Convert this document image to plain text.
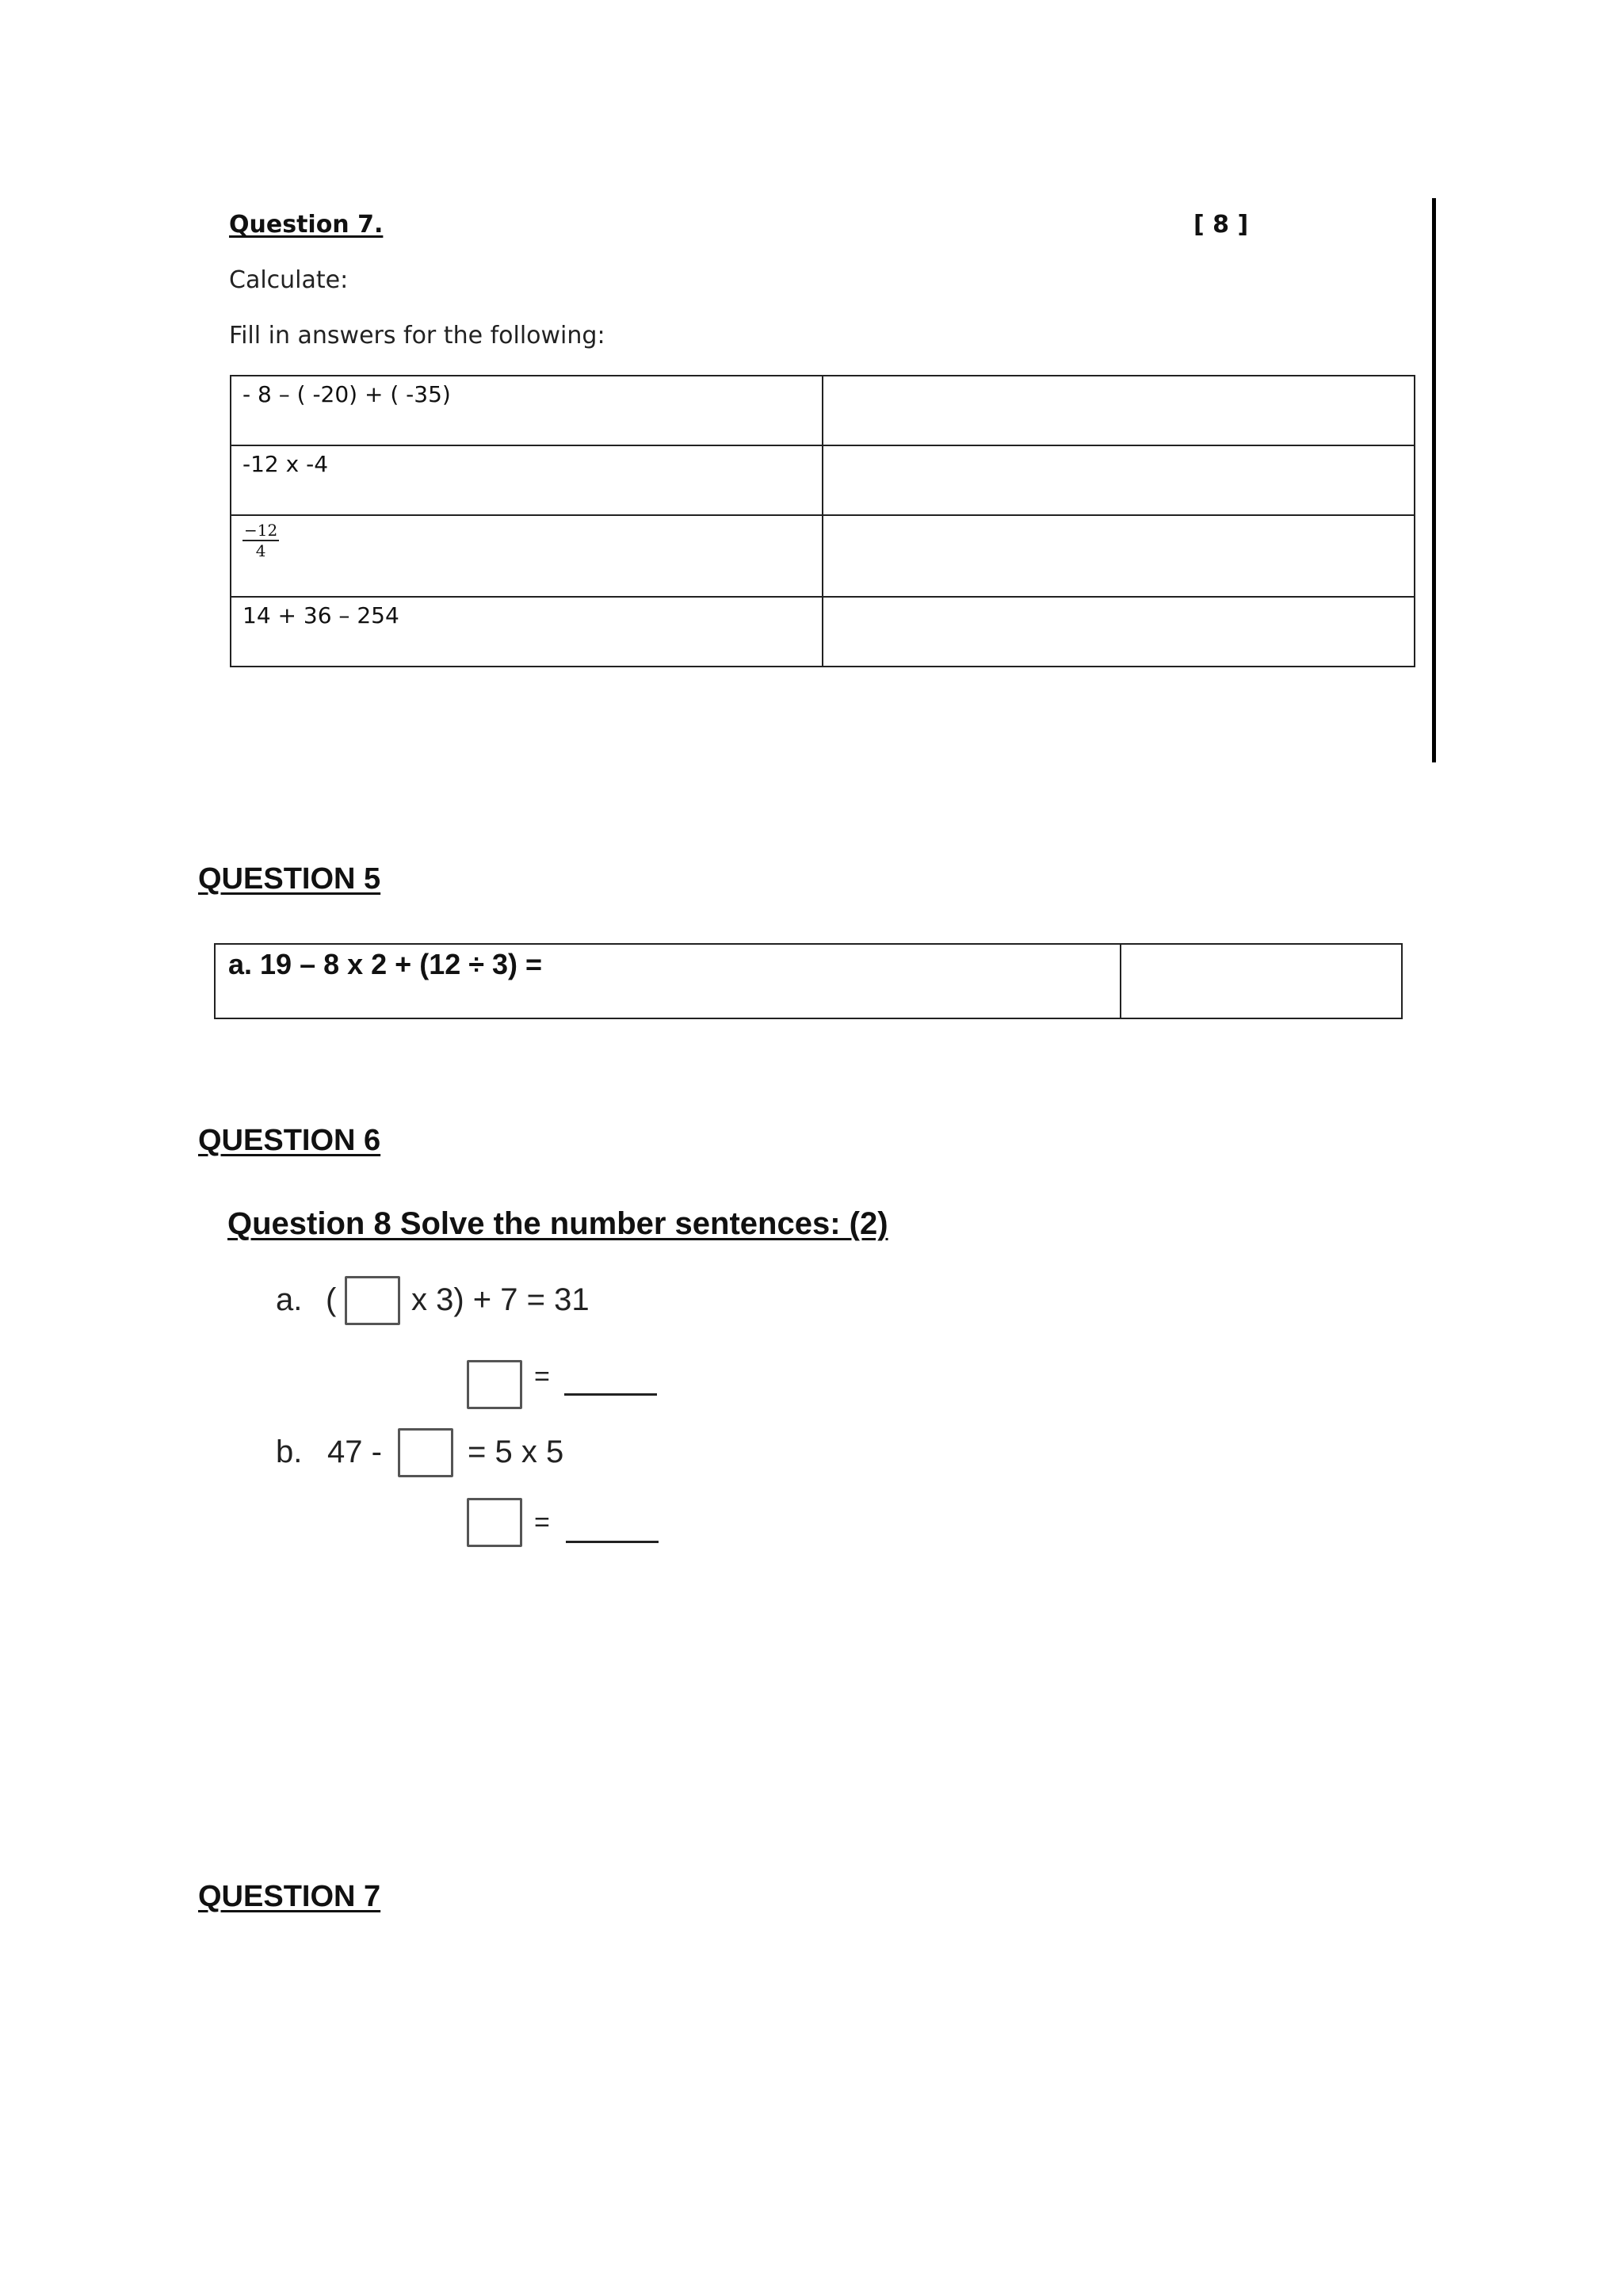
Question 7.	[ 8 ]
Calculate:
Fill in answers for the following:
- 8 – ( -20) + ( -35)	
-12 x -4	

$\frac{-12}{4}$

14 + 36 – 254	
QUESTION 5
a. 19 – 8 x 2 + (12 ÷ 3) =
QUESTION 6
Question 8 Solve the number sentences: (2)
a. ( x 3) + 7 = 31
=
b. 47 -	= 5 x 5
=
QUESTION 7
